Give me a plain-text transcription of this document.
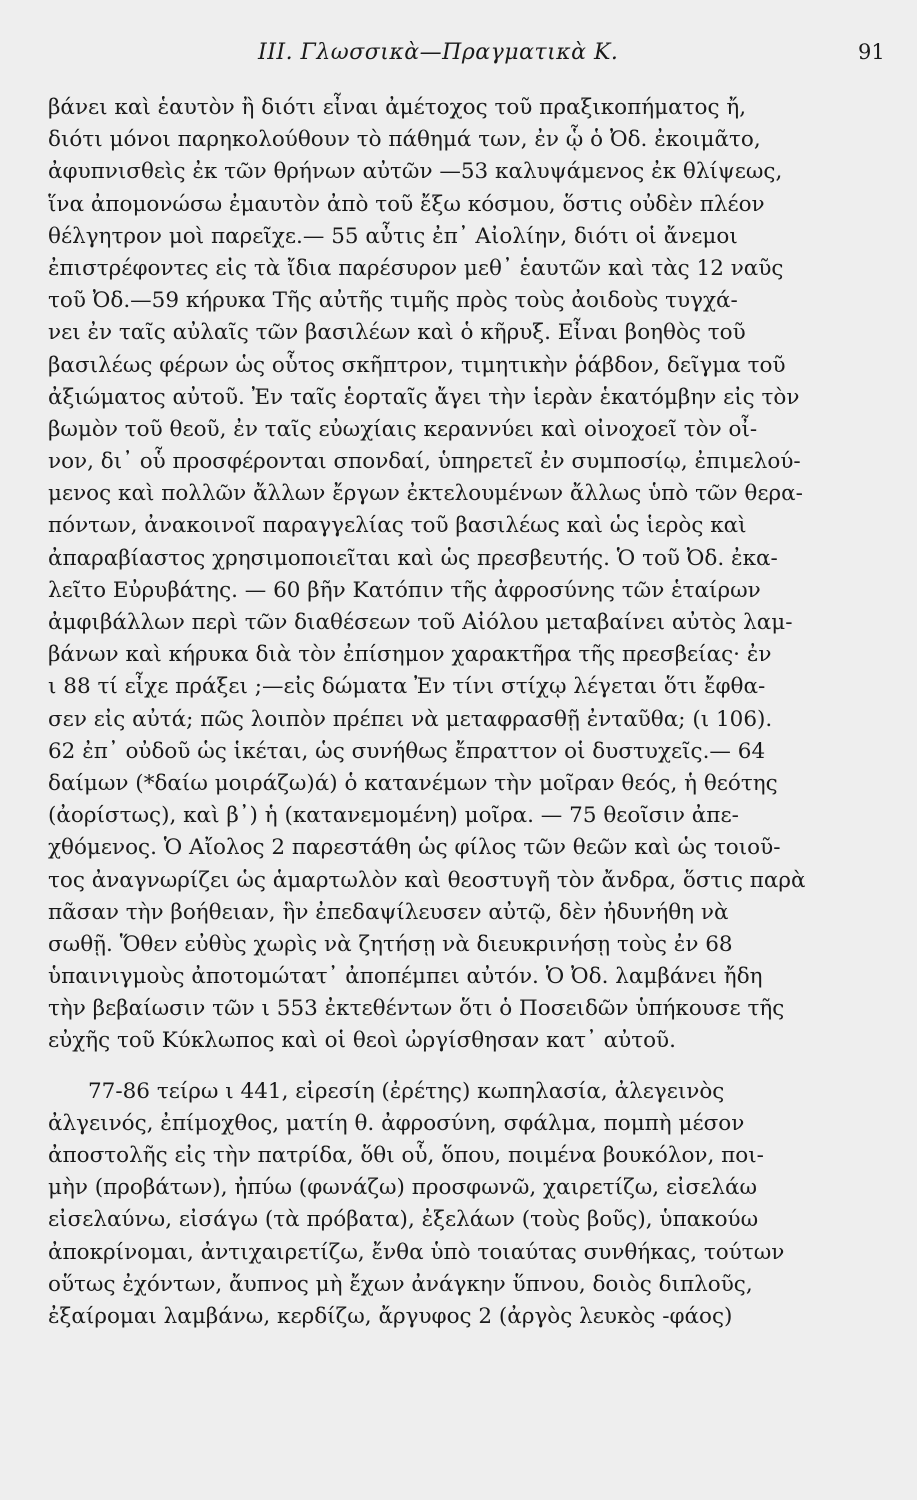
III. Γλωσσικὰ—Πραγματικὰ Κ.	91
βάνει καὶ ἑαυτὸν ἢ διότι εἶναι ἀμέτοχος τοῦ πραξικοπήματος ἤ,
διότι μόνοι παρηκολούθουν τὸ πάθημά των, ἐν ᾧ ὁ Ὀδ. ἐκοιμᾶτο,
ἀφυπνισθεὶς ἐκ τῶν θρήνων αὐτῶν —53 καλυψάμενος ἐκ θλίψεως,
ἵνα ἀπομονώσω ἐμαυτὸν ἀπὸ τοῦ ἔξω κόσμου, ὅστις οὐδὲν πλέον
θέλγητρον μοὶ παρεῖχε.— 55 αὖτις ἐπ᾽ Αἰολίην, διότι οἱ ἄνεμοι
ἐπιστρέφοντες εἰς τὰ ἴδια παρέσυρον μεθ᾽ ἑαυτῶν καὶ τὰς 12 ναῦς
τοῦ Ὀδ.—59 κήρυκα Τῆς αὐτῆς τιμῆς πρὸς τοὺς ἀοιδοὺς τυγχά-
νει ἐν ταῖς αὐλαῖς τῶν βασιλέων καὶ ὁ κῆρυξ. Εἶναι βοηθὸς τοῦ
βασιλέως φέρων ὡς οὗτος σκῆπτρον, τιμητικὴν ῥάβδον, δεῖγμα τοῦ
ἀξιώματος αὐτοῦ. Ἐν ταῖς ἑορταῖς ἄγει τὴν ἱερὰν ἑκατόμβην εἰς τὸν
βωμὸν τοῦ θεοῦ, ἐν ταῖς εὐωχίαις κεραννύει καὶ οἰνοχοεῖ τὸν οἶ-
νον, δι᾽ οὗ προσφέρονται σπονδαί, ὑπηρετεῖ ἐν συμποσίῳ, ἐπιμελού-
μενος καὶ πολλῶν ἄλλων ἔργων ἐκτελουμένων ἄλλως ὑπὸ τῶν θερα-
πόντων, ἀνακοινοῖ παραγγελίας τοῦ βασιλέως καὶ ὡς ἱερὸς καὶ
ἀπαραβίαστος χρησιμοποιεῖται καὶ ὡς πρεσβευτής. Ὁ τοῦ Ὀδ. ἐκα-
λεῖτο Εὐρυβάτης. — 60 βῆν Κατόπιν τῆς ἀφροσύνης τῶν ἑταίρων
ἀμφιβάλλων περὶ τῶν διαθέσεων τοῦ Αἰόλου μεταβαίνει αὐτὸς λαμ-
βάνων καὶ κήρυκα διὰ τὸν ἐπίσημον χαρακτῆρα τῆς πρεσβείας· ἐν
ι 88 τί εἶχε πράξει ;—εἰς δώματα Ἐν τίνι στίχῳ λέγεται ὅτι ἔφθα-
σεν εἰς αὐτά; πῶς λοιπὸν πρέπει νὰ μεταφρασθῇ ἐνταῦθα; (ι 106).
62 ἐπ᾽ οὐδοῦ ὡς ἱκέται, ὡς συνήθως ἔπραττον οἱ δυστυχεῖς.— 64
δαίμων (*δαίω μοιράζω)ά) ὁ κατανέμων τὴν μοῖραν θεός, ἡ θεότης
(ἀορίστως), καὶ β᾽) ἡ (κατανεμομένη) μοῖρα. — 75 θεοῖσιν ἀπε-
χθόμενος. Ὁ Αἴολος 2 παρεστάθη ὡς φίλος τῶν θεῶν καὶ ὡς τοιοῦ-
τος ἀναγνωρίζει ὡς ἁμαρτωλὸν καὶ θεοστυγῆ τὸν ἄνδρα, ὅστις παρὰ
πᾶσαν τὴν βοήθειαν, ἣν ἐπεδαψίλευσεν αὐτῷ, δὲν ἠδυνήθη νὰ
σωθῇ. Ὅθεν εὐθὺς χωρὶς νὰ ζητήσῃ νὰ διευκρινήσῃ τοὺς ἐν 68
ὑπαινιγμοὺς ἀποτομώτατ᾽ ἀποπέμπει αὐτόν. Ὁ Ὀδ. λαμβάνει ἤδη
τὴν βεβαίωσιν τῶν ι 553 ἐκτεθέντων ὅτι ὁ Ποσειδῶν ὑπήκουσε τῆς
εὐχῆς τοῦ Κύκλωπος καὶ οἱ θεοὶ ὠργίσθησαν κατ᾽ αὐτοῦ.
77-86 τείρω ι 441, εἰρεσίη (ἐρέτης) κωπηλασία, ἀλεγεινὸς
ἀλγεινός, ἐπίμοχθος, ματίη θ. ἀφροσύνη, σφάλμα, πομπὴ μέσον
ἀποστολῆς εἰς τὴν πατρίδα, ὅθι οὗ, ὅπου, ποιμένα βουκόλον, ποι-
μὴν (προβάτων), ἠπύω (φωνάζω) προσφωνῶ, χαιρετίζω, εἰσελάω
εἰσελαύνω, εἰσάγω (τὰ πρόβατα), ἐξελάων (τοὺς βοῦς), ὑπακούω
ἀποκρίνομαι, ἀντιχαιρετίζω, ἔνθα ὑπὸ τοιαύτας συνθήκας, τούτων
οὕτως ἐχόντων, ἄυπνος μὴ ἔχων ἀνάγκην ὕπνου, δοιὸς διπλοῦς,
ἐξαίρομαι λαμβάνω, κερδίζω, ἄργυφος 2 (ἀργὸς λευκὸς -φάος)
